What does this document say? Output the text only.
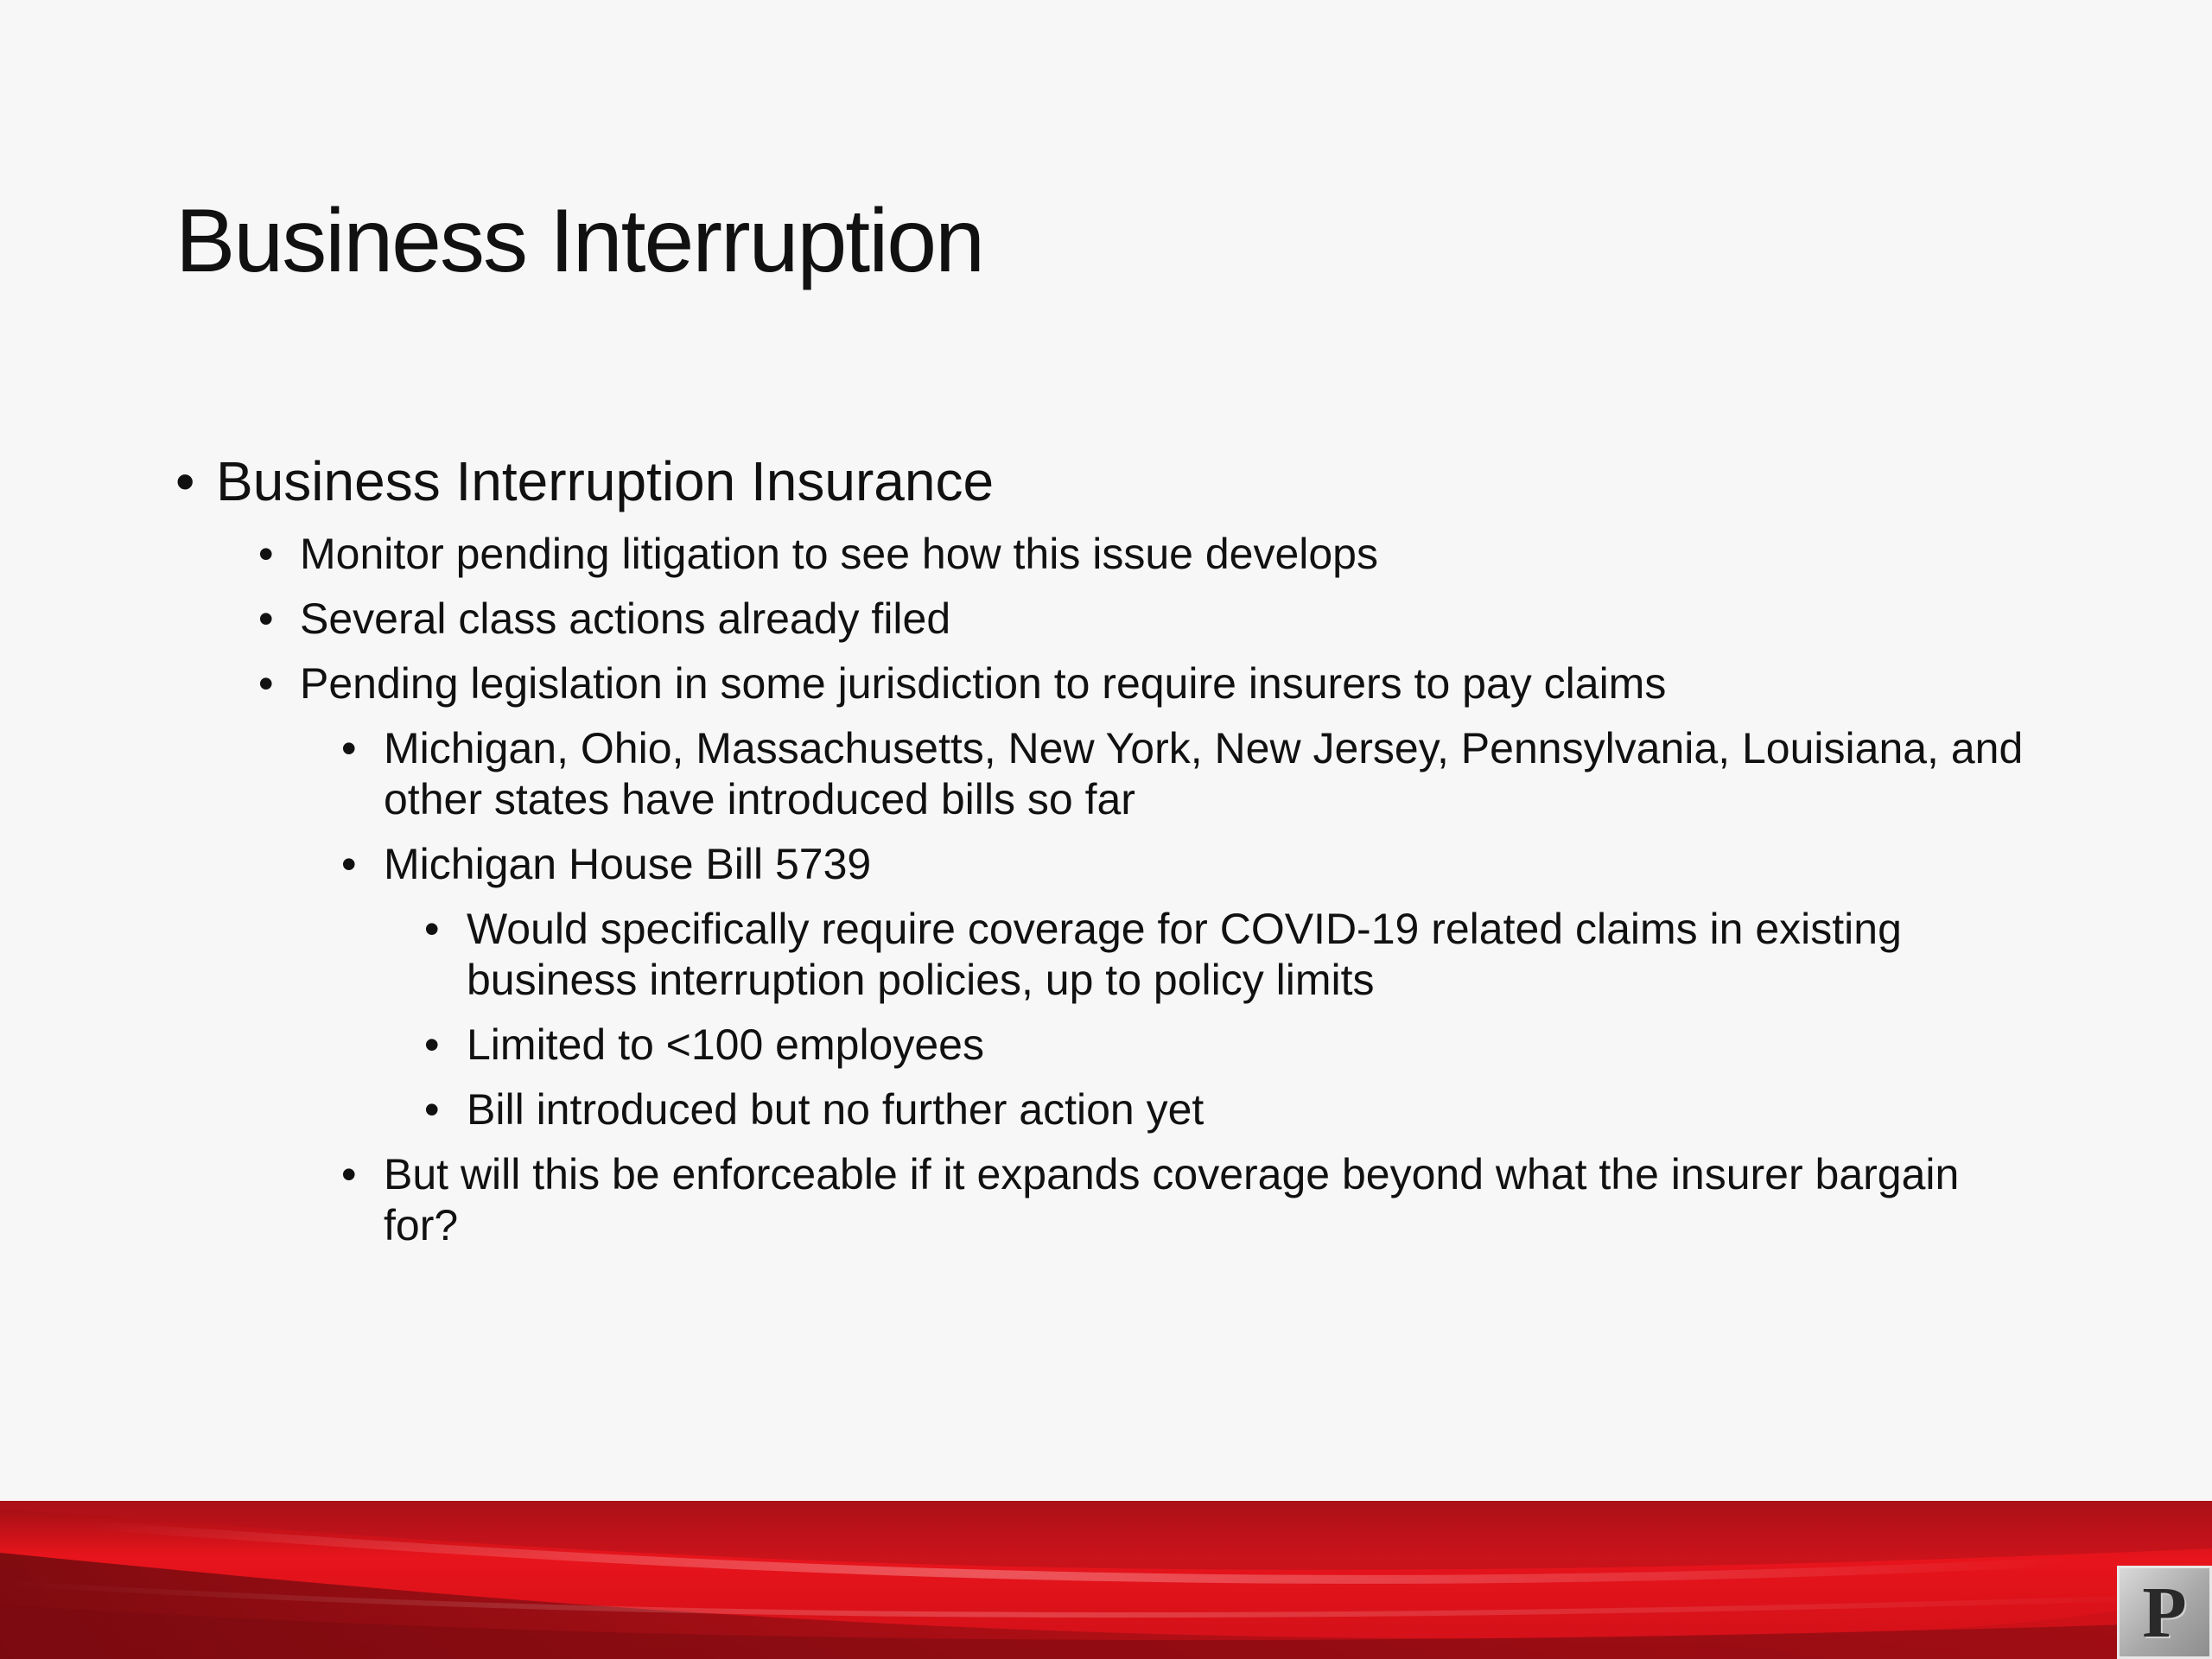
Business Interruption
• Business Interruption Insurance
• Monitor pending litigation to see how this issue develops
• Several class actions already filed
• Pending legislation in some jurisdiction to require insurers to pay claims
• Michigan, Ohio, Massachusetts, New York, New Jersey, Pennsylvania, Louisiana, and other states have introduced bills so far
• Michigan House Bill 5739
• Would specifically require coverage for COVID-19 related claims in existing business interruption policies, up to policy limits
• Limited to <100 employees
• Bill introduced but no further action yet
• But will this be enforceable if it expands coverage beyond what the insurer bargain for?
P
